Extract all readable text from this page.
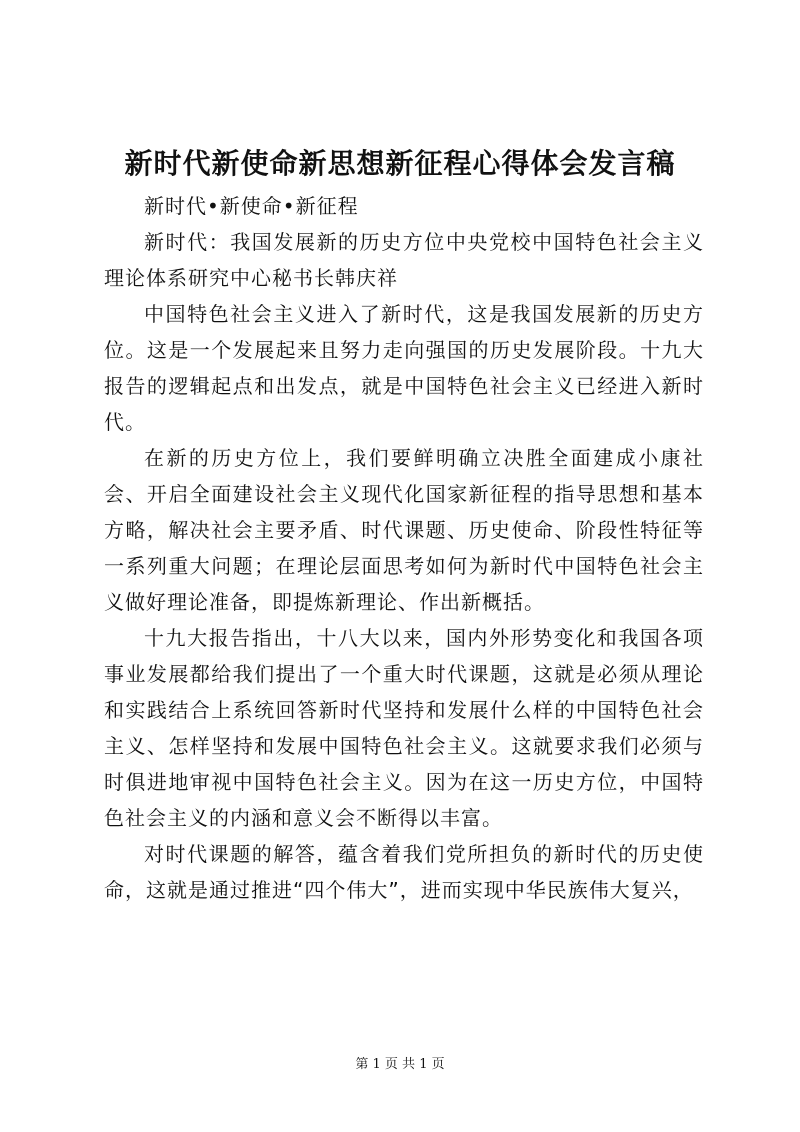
新时代新使命新思想新征程心得体会发言稿

新时代•新使命•新征程

新时代：我国发展新的历史方位中央党校中国特色社会主义理论体系研究中心秘书长韩庆祥

中国特色社会主义进入了新时代，这是我国发展新的历史方位。这是一个发展起来且努力走向强国的历史发展阶段。十九大报告的逻辑起点和出发点，就是中国特色社会主义已经进入新时代。

在新的历史方位上，我们要鲜明确立决胜全面建成小康社会、开启全面建设社会主义现代化国家新征程的指导思想和基本方略，解决社会主要矛盾、时代课题、历史使命、阶段性特征等一系列重大问题；在理论层面思考如何为新时代中国特色社会主义做好理论准备，即提炼新理论、作出新概括。

十九大报告指出，十八大以来，国内外形势变化和我国各项事业发展都给我们提出了一个重大时代课题，这就是必须从理论和实践结合上系统回答新时代坚持和发展什么样的中国特色社会主义、怎样坚持和发展中国特色社会主义。这就要求我们必须与时俱进地审视中国特色社会主义。因为在这一历史方位，中国特色社会主义的内涵和意义会不断得以丰富。

对时代课题的解答，蕴含着我们党所担负的新时代的历史使命，这就是通过推进“四个伟大”，进而实现中华民族伟大复兴，

第 1 页 共 1 页
